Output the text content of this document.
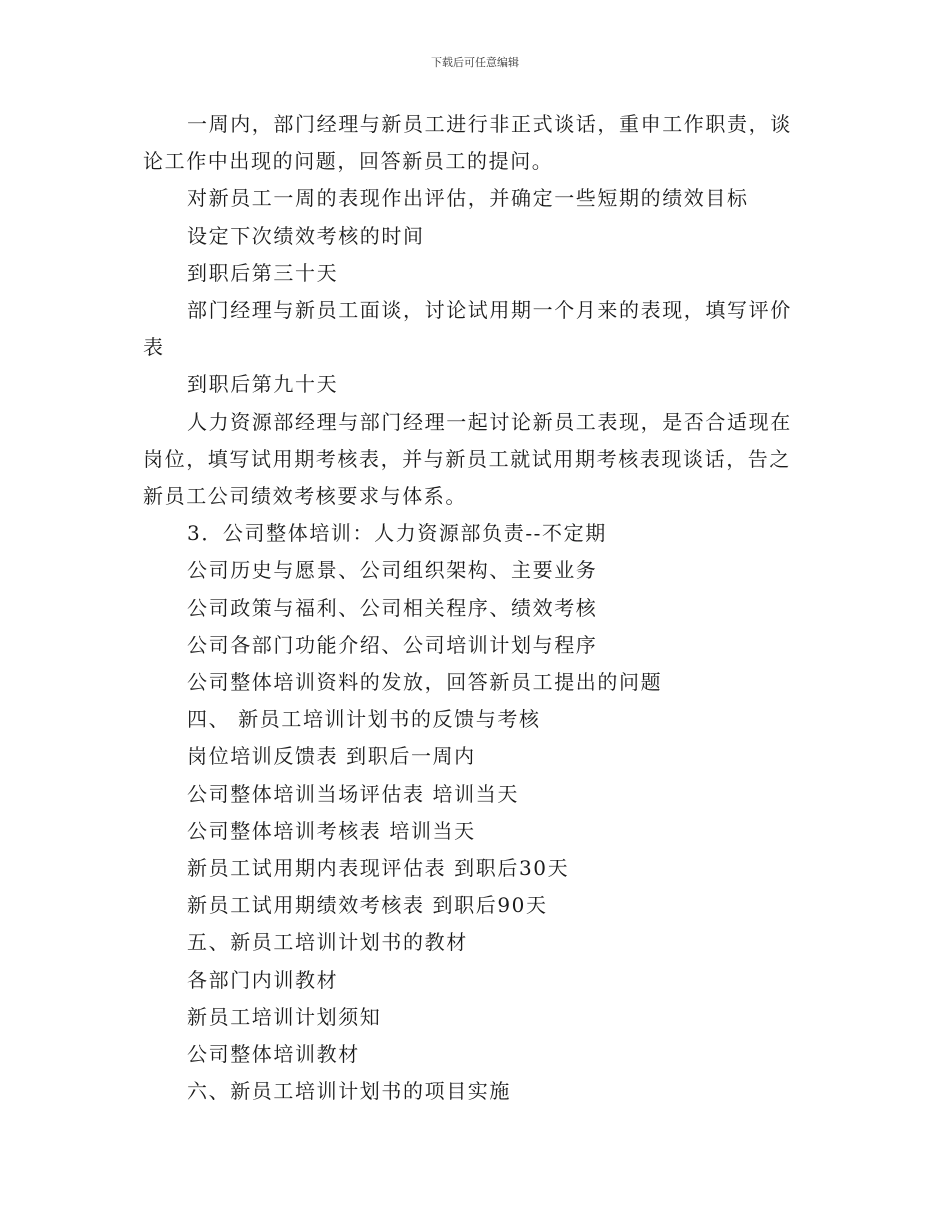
下载后可任意编辑

一周内，部门经理与新员工进行非正式谈话，重申工作职责，谈论工作中出现的问题，回答新员工的提问。

对新员工一周的表现作出评估，并确定一些短期的绩效目标

设定下次绩效考核的时间

到职后第三十天

部门经理与新员工面谈，讨论试用期一个月来的表现，填写评价表

到职后第九十天

人力资源部经理与部门经理一起讨论新员工表现，是否合适现在岗位，填写试用期考核表，并与新员工就试用期考核表现谈话，告之新员工公司绩效考核要求与体系。

3．公司整体培训：人力资源部负责--不定期

公司历史与愿景、公司组织架构、主要业务

公司政策与福利、公司相关程序、绩效考核

公司各部门功能介绍、公司培训计划与程序

公司整体培训资料的发放，回答新员工提出的问题

四、 新员工培训计划书的反馈与考核

岗位培训反馈表 到职后一周内

公司整体培训当场评估表 培训当天

公司整体培训考核表 培训当天

新员工试用期内表现评估表 到职后30天

新员工试用期绩效考核表 到职后90天

五、新员工培训计划书的教材

各部门内训教材

新员工培训计划须知

公司整体培训教材

六、新员工培训计划书的项目实施
